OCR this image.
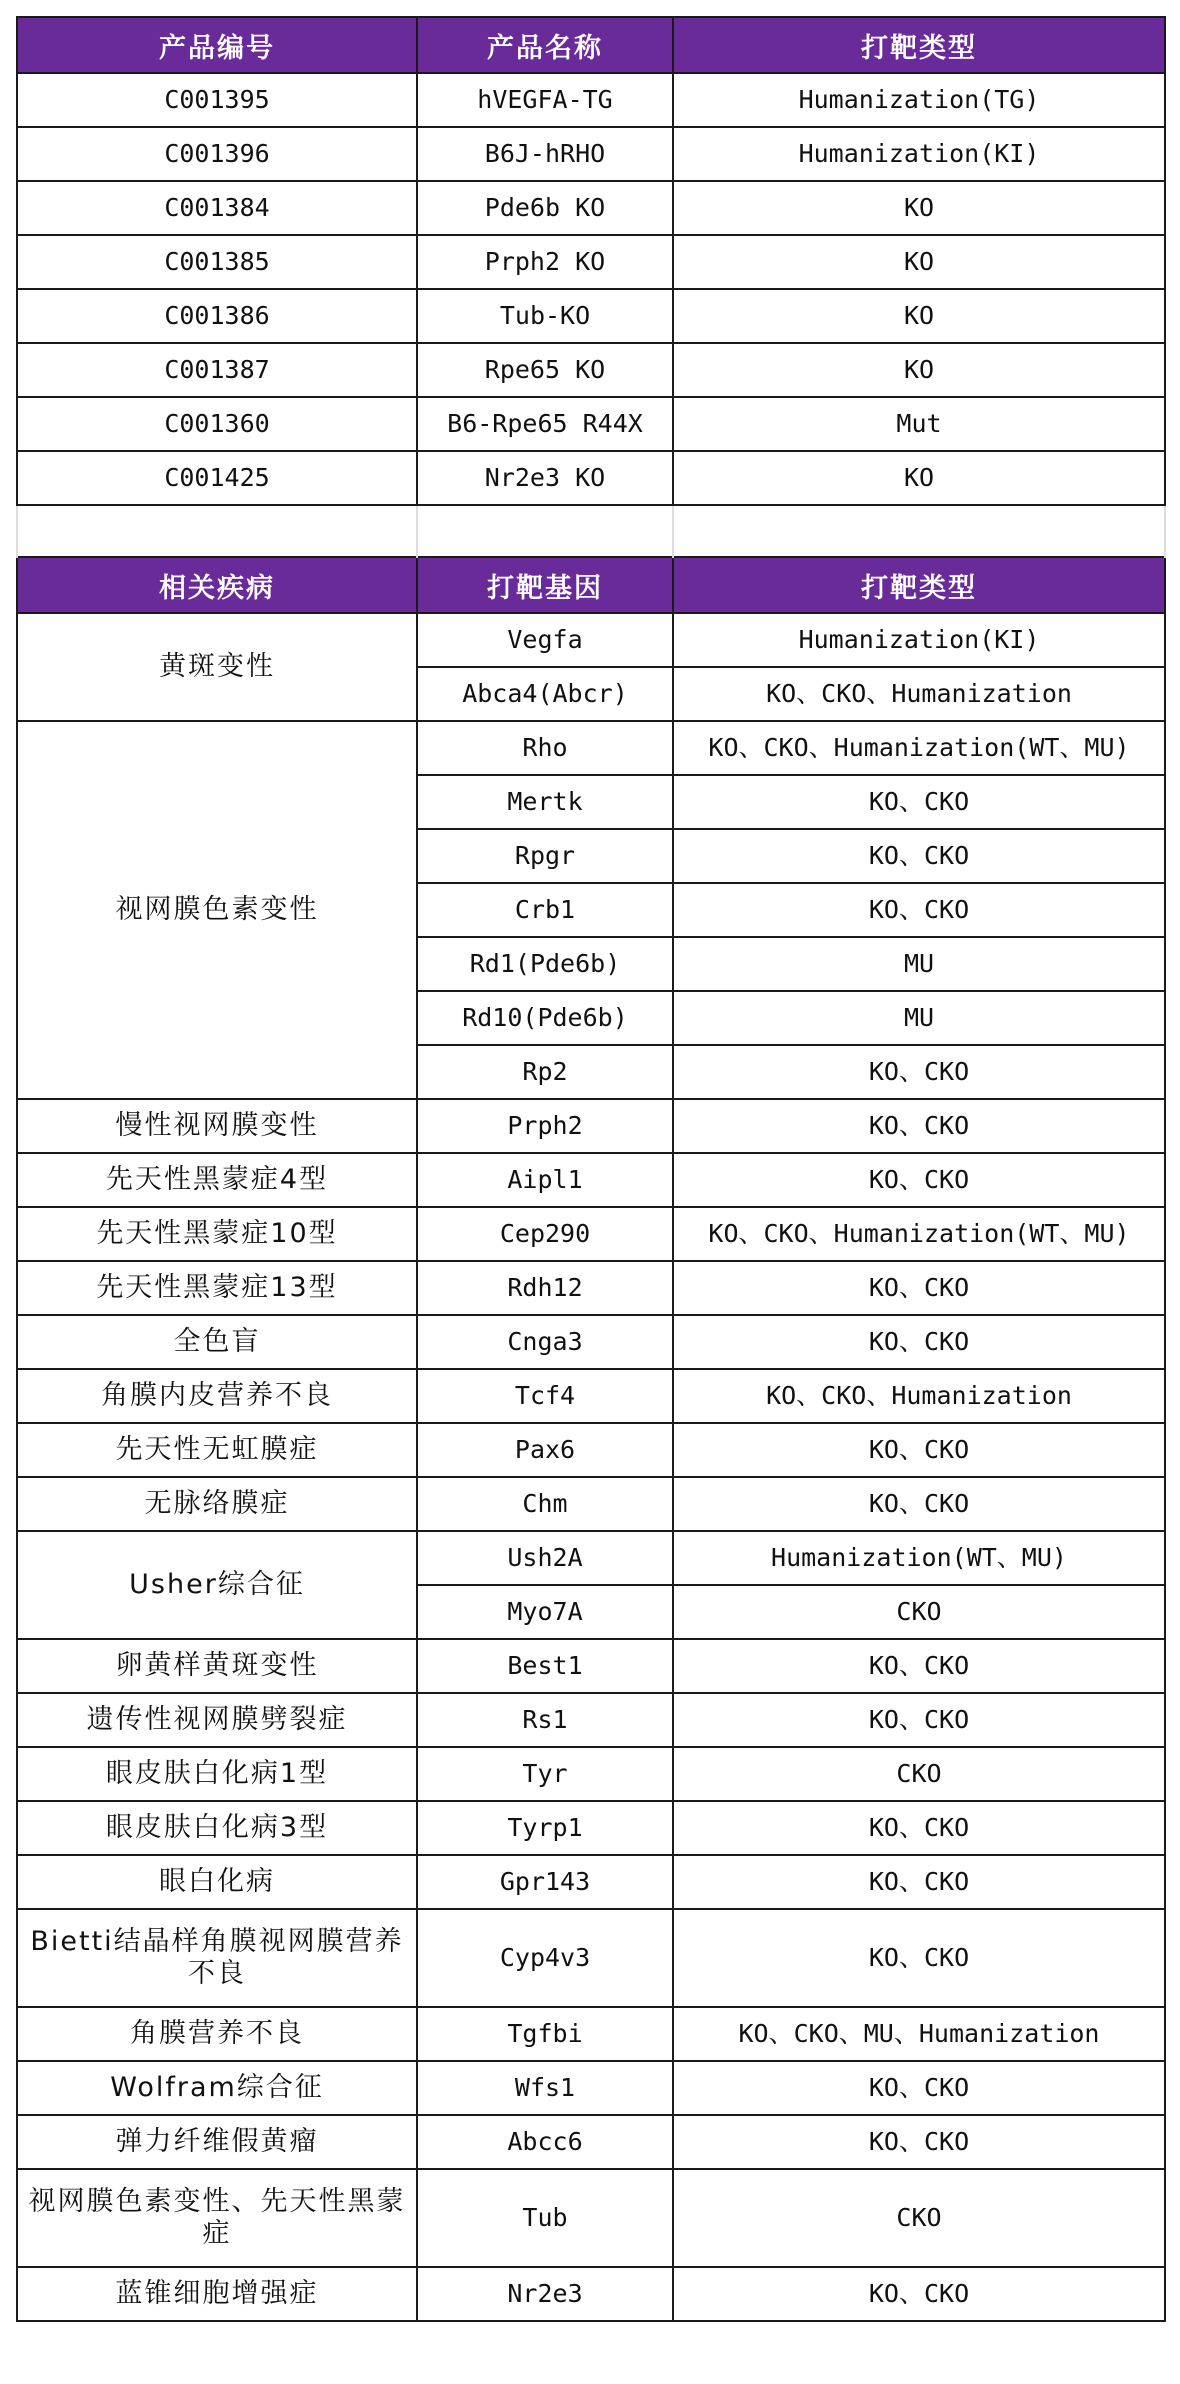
产品编号	产品名称	打靶类型
C001395	hVEGFA-TG	Humanization(TG)
C001396	B6J-hRHO	Humanization(KI)
C001384	Pde6b KO	KO
C001385	Prph2 KO	KO
C001386	Tub-KO	KO
C001387	Rpe65 KO	KO
C001360	B6-Rpe65 R44X	Mut
C001425	Nr2e3 KO	KO

相关疾病	打靶基因	打靶类型
黄斑变性	Vegfa	Humanization(KI)
	Abca4(Abcr)	KO、CKO、Humanization
视网膜色素变性	Rho	KO、CKO、Humanization(WT、MU)
	Mertk	KO、CKO
	Rpgr	KO、CKO
	Crb1	KO、CKO
	Rd1(Pde6b)	MU
	Rd10(Pde6b)	MU
	Rp2	KO、CKO
慢性视网膜变性	Prph2	KO、CKO
先天性黑蒙症4型	Aipl1	KO、CKO
先天性黑蒙症10型	Cep290	KO、CKO、Humanization(WT、MU)
先天性黑蒙症13型	Rdh12	KO、CKO
全色盲	Cnga3	KO、CKO
角膜内皮营养不良	Tcf4	KO、CKO、Humanization
先天性无虹膜症	Pax6	KO、CKO
无脉络膜症	Chm	KO、CKO
Usher综合征	Ush2A	Humanization(WT、MU)
	Myo7A	CKO
卵黄样黄斑变性	Best1	KO、CKO
遗传性视网膜劈裂症	Rs1	KO、CKO
眼皮肤白化病1型	Tyr	CKO
眼皮肤白化病3型	Tyrp1	KO、CKO
眼白化病	Gpr143	KO、CKO
Bietti结晶样角膜视网膜营养不良	Cyp4v3	KO、CKO
角膜营养不良	Tgfbi	KO、CKO、MU、Humanization
Wolfram综合征	Wfs1	KO、CKO
弹力纤维假黄瘤	Abcc6	KO、CKO
视网膜色素变性、先天性黑蒙症	Tub	CKO
蓝锥细胞增强症	Nr2e3	KO、CKO
